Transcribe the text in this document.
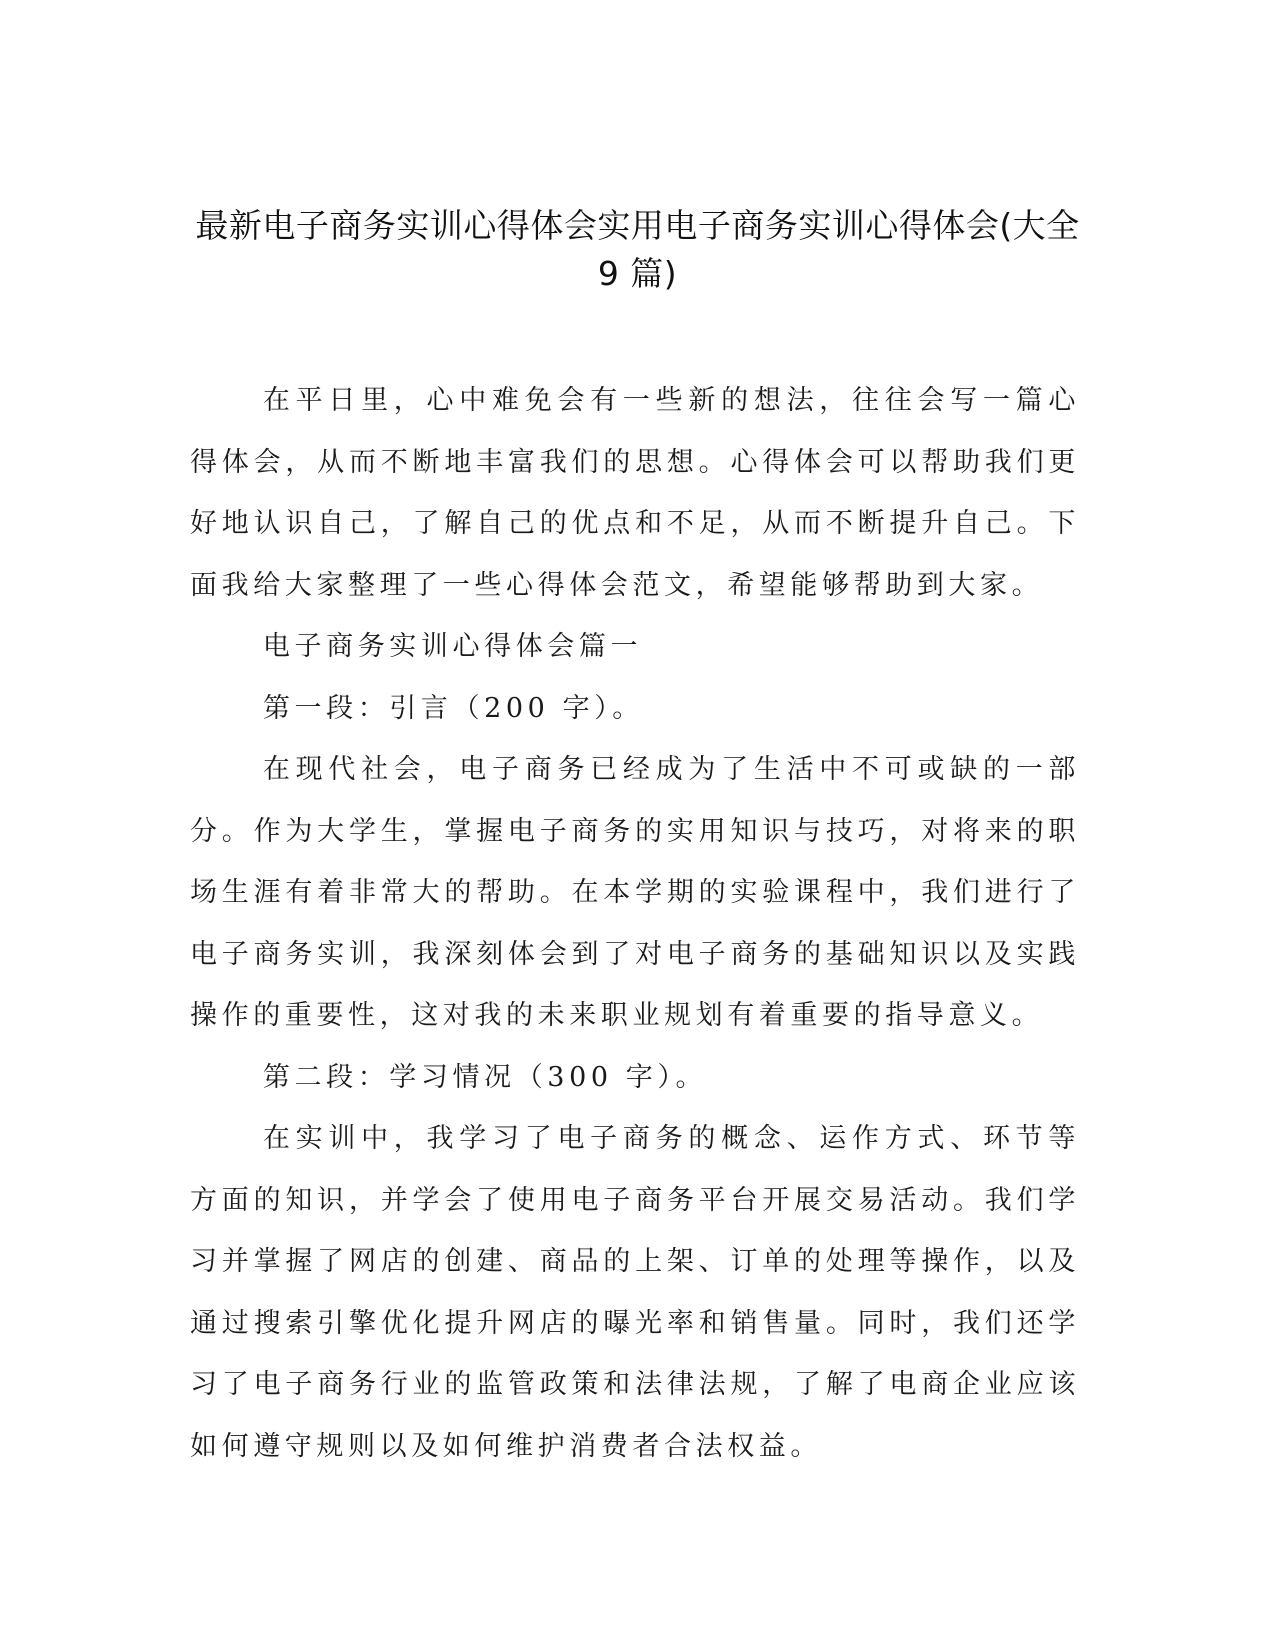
最新电子商务实训心得体会实用电子商务实训心得体会(大全
9 篇)

在平日里，心中难免会有一些新的想法，往往会写一篇心得体会，从而不断地丰富我们的思想。心得体会可以帮助我们更好地认识自己，了解自己的优点和不足，从而不断提升自己。下面我给大家整理了一些心得体会范文，希望能够帮助到大家。

电子商务实训心得体会篇一

第一段：引言（200 字）。

在现代社会，电子商务已经成为了生活中不可或缺的一部分。作为大学生，掌握电子商务的实用知识与技巧，对将来的职场生涯有着非常大的帮助。在本学期的实验课程中，我们进行了电子商务实训，我深刻体会到了对电子商务的基础知识以及实践操作的重要性，这对我的未来职业规划有着重要的指导意义。

第二段：学习情况（300 字）。

在实训中，我学习了电子商务的概念、运作方式、环节等方面的知识，并学会了使用电子商务平台开展交易活动。我们学习并掌握了网店的创建、商品的上架、订单的处理等操作，以及通过搜索引擎优化提升网店的曝光率和销售量。同时，我们还学习了电子商务行业的监管政策和法律法规，了解了电商企业应该如何遵守规则以及如何维护消费者合法权益。
